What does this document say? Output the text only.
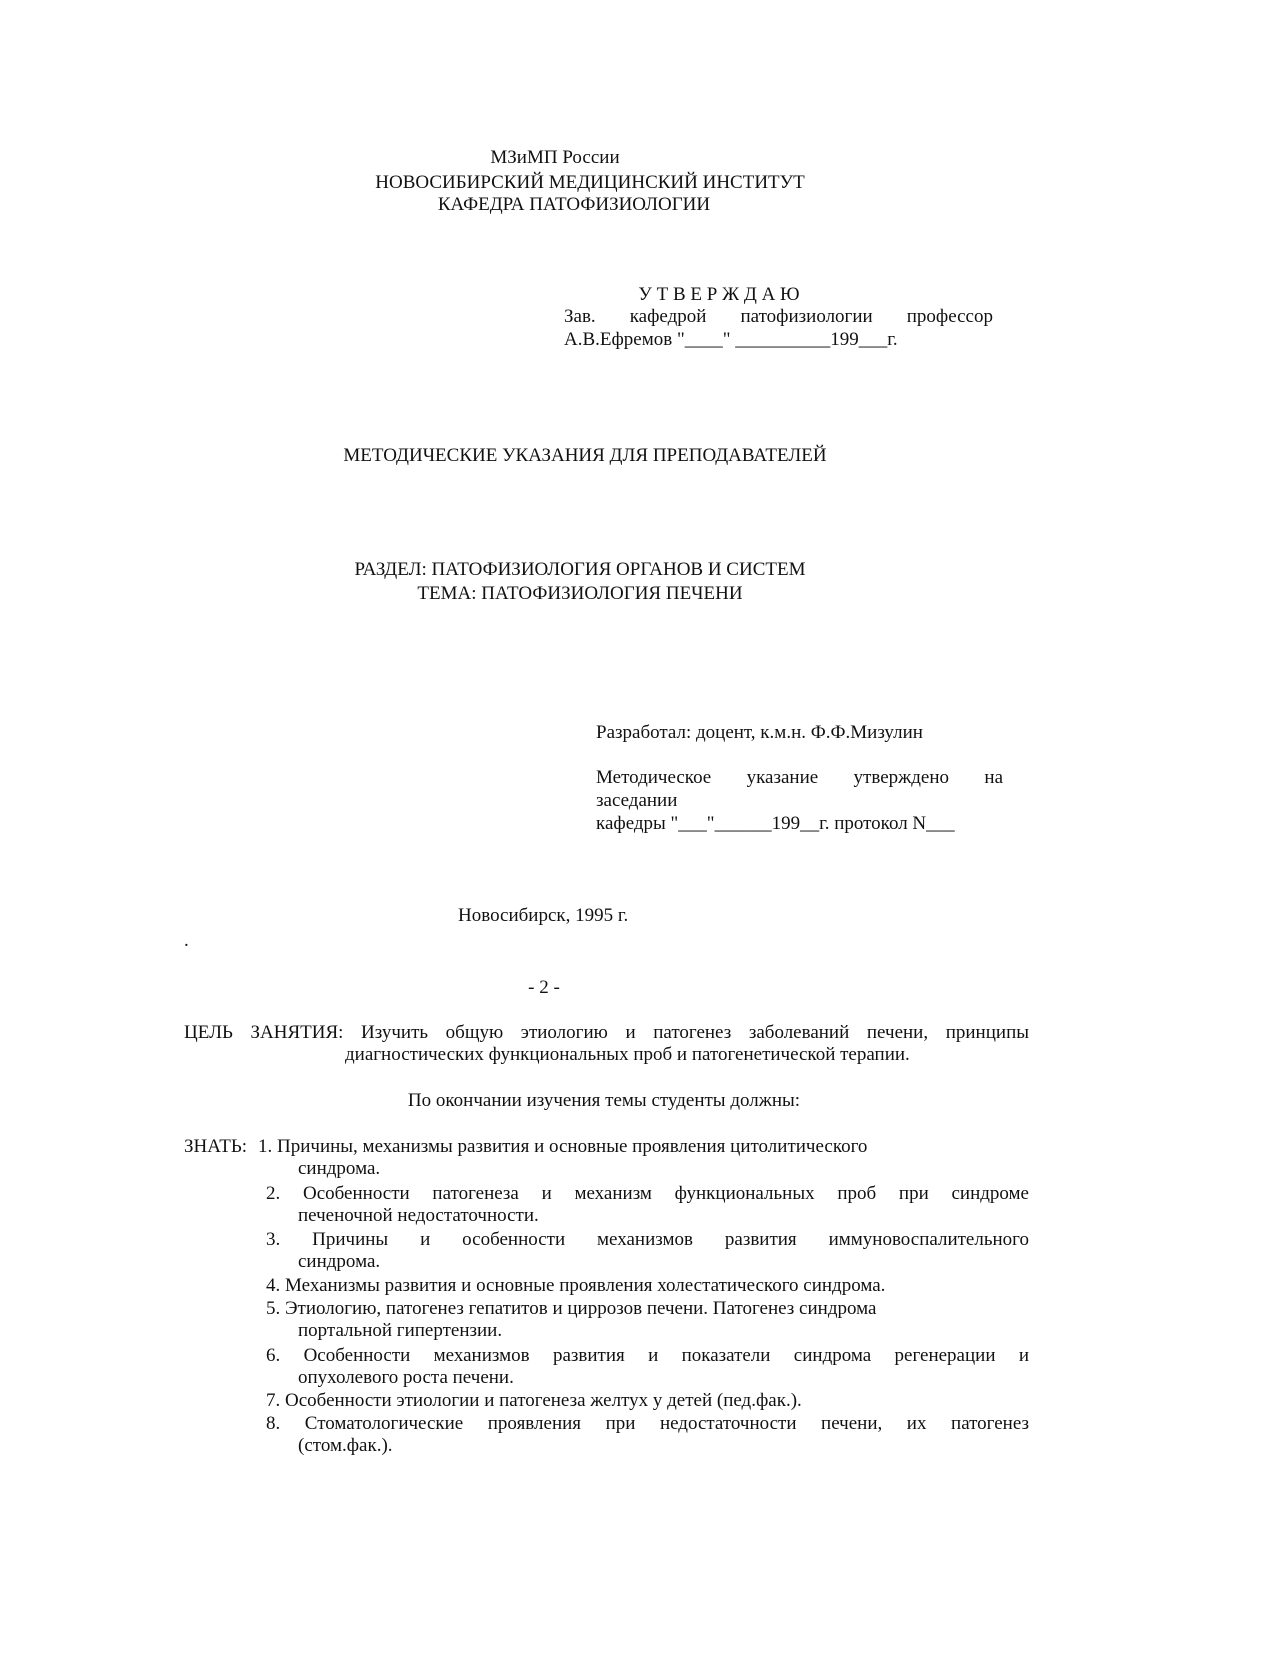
МЗиМП России
НОВОСИБИРСКИЙ МЕДИЦИНСКИЙ ИНСТИТУТ
КАФЕДРА ПАТОФИЗИОЛОГИИ
У Т В Е Р Ж Д А Ю
Зав. кафедрой патофизиологии профессор
А.В.Ефремов "____" __________199___г.
МЕТОДИЧЕСКИЕ УКАЗАНИЯ ДЛЯ ПРЕПОДАВАТЕЛЕЙ
РАЗДЕЛ: ПАТОФИЗИОЛОГИЯ ОРГАНОВ И СИСТЕМ
ТЕМА: ПАТОФИЗИОЛОГИЯ ПЕЧЕНИ
Разработал: доцент, к.м.н. Ф.Ф.Мизулин
Методическое указание утверждено на
заседании
кафедры "___"______199__г. протокол N___
Новосибирск, 1995 г.
.
- 2 -
ЦЕЛЬ ЗАНЯТИЯ: Изучить общую этиологию и патогенез заболеваний печени, принципы
диагностических функциональных проб и патогенетической терапии.
По окончании изучения темы студенты должны:
ЗНАТЬ: 1. Причины, механизмы развития и основные проявления цитолитического
синдрома.
2. Особенности патогенеза и механизм функциональных проб при синдроме
печеночной недостаточности.
3. Причины и особенности механизмов развития иммуновоспалительного
синдрома.
4. Механизмы развития и основные проявления холестатического синдрома.
5. Этиологию, патогенез гепатитов и циррозов печени. Патогенез синдрома
портальной гипертензии.
6. Особенности механизмов развития и показатели синдрома регенерации и
опухолевого роста печени.
7. Особенности этиологии и патогенеза желтух у детей (пед.фак.).
8. Стоматологические проявления при недостаточности печени, их патогенез
(стом.фак.).
